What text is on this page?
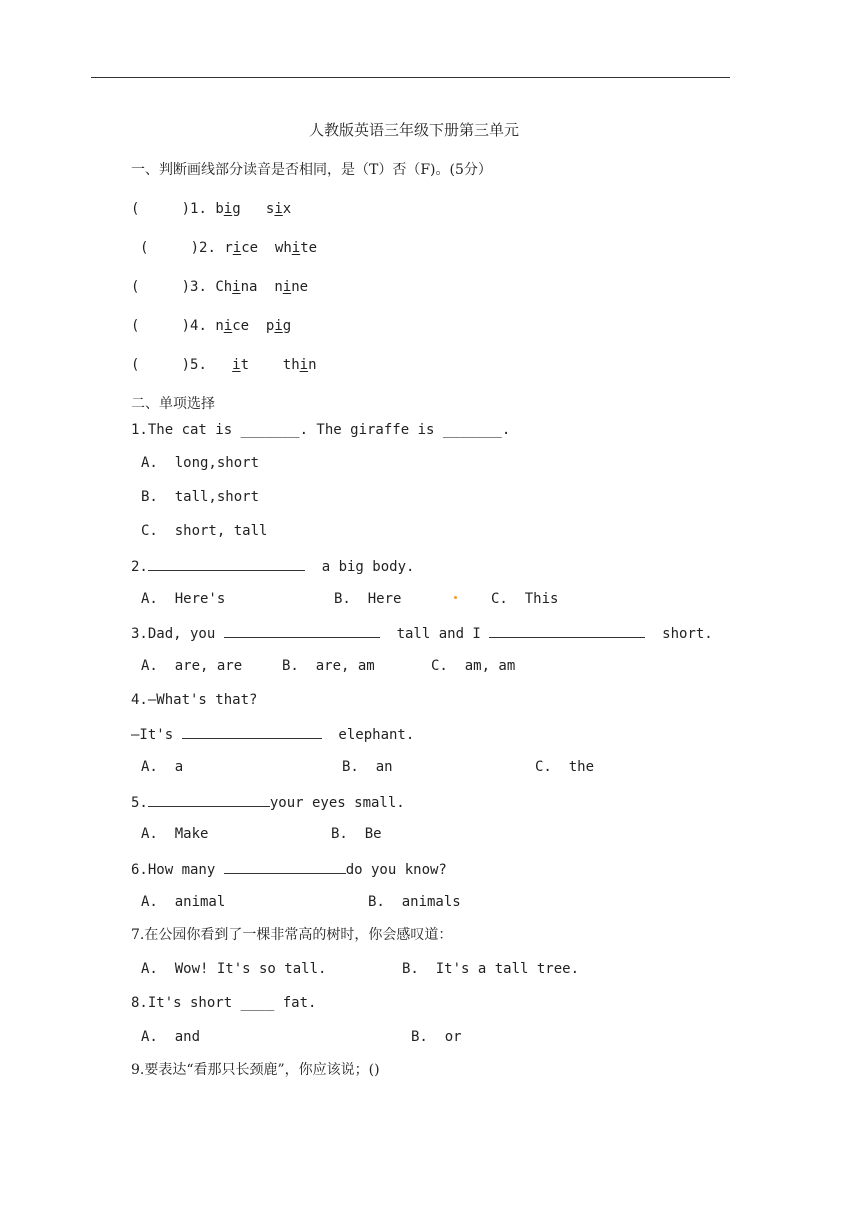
人教版英语三年级下册第三单元
一、判断画线部分读音是否相同，是（T）否（F)。(5分）
(     )1. big six
(     )2. rice white
(     )3. China nine
(     )4. nice pig
(     )5. it thin
二、单项选择
1.The cat is _______. The giraffe is _______.
A.  long,short
B.  tall,short
C.  short, tall
2.	a big body.
A.  Here's	B.  Here	C.  This
3.Dad, you	tall and I	short.
A.  are, are	B.  are, am	C.  am, am
4.—What's that?
—It's	elephant.
A.  a	B.  an	C.  the
5.	your eyes small.
A.  Make	B.  Be
6.How many	do you know?
A.  animal	B.  animals
7.在公园你看到了一棵非常高的树时，你会感叹道：
A.  Wow! It's so tall.	B.  It's a tall tree.
8.It's short ____ fat.
A.  and	B.  or
9.要表达“看那只长颈鹿”，你应该说；()
